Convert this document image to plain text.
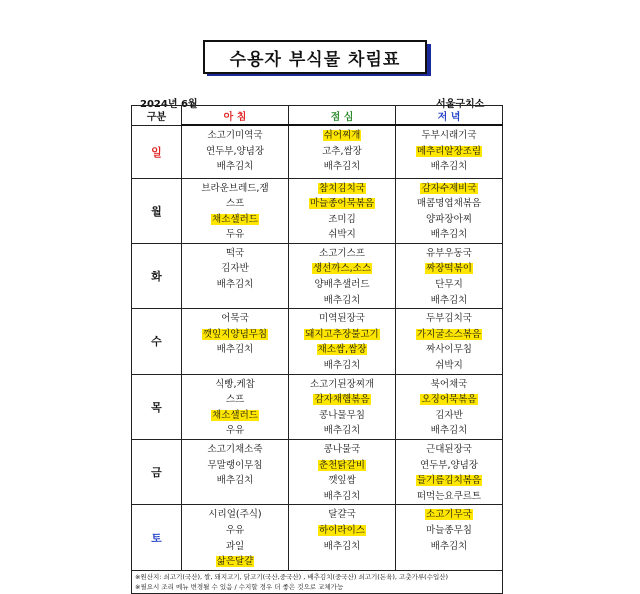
수용자 부식물 차림표
2024년 6월	서울구치소
구분	아 침	점 심	저 녁
일	소고기미역국
연두부,양념장
배추김치	쉬어찌개
고추,쌈장
배추김치	두부시래기국
메추리알장조림
배추김치

월	브라운브레드,잼
스프
채소샐러드
두유	참치김치국
마늘종어묵볶음
조미김
쉬박지	감자수제비국
매콤명엽채볶음
양파장아찌
배추김치

화	떡국
김자반
배추김치	소고기스프
생선까스,소스
양배추샐러드
배추김치	유부우동국
짜장떡볶이
단무지
배추김치

수	어묵국
깻잎지양념무침
배추김치	미역된장국
돼지고추장불고기
채소쌈,쌈장
배추김치	두부김치국
가지굴소스볶음
짜사이무침
쉬박지

목	식빵,케찹
스프
채소샐러드
우유	소고기된장찌개
감자채햄볶음
콩나물무침
배추김치	북어채국
오징어묵볶음
김자반
배추김치

금	소고기채소죽
무말랭이무침
배추김치	콩나물국
춘천닭갈비
깻잎쌈
배추김치	근대된장국
연두부,양념장
들기름김치볶음
떠먹는요쿠르트

토	시리얼(주식)
우유
과일
삶은달걀	달걀국
하이라이스
배추김치	소고기무국
마늘종무침
배추김치

※원산지: 쇠고기(국산), 쌀, 돼지고기, 닭고기(국산,중국산) , 배추김치(중국산) 쇠고기(돈육), 고춧가루(수입산)
※필요시 조리 메뉴 변경될 수 있음 / 수지할 경우 더 좋은 것으로 교체가능			
